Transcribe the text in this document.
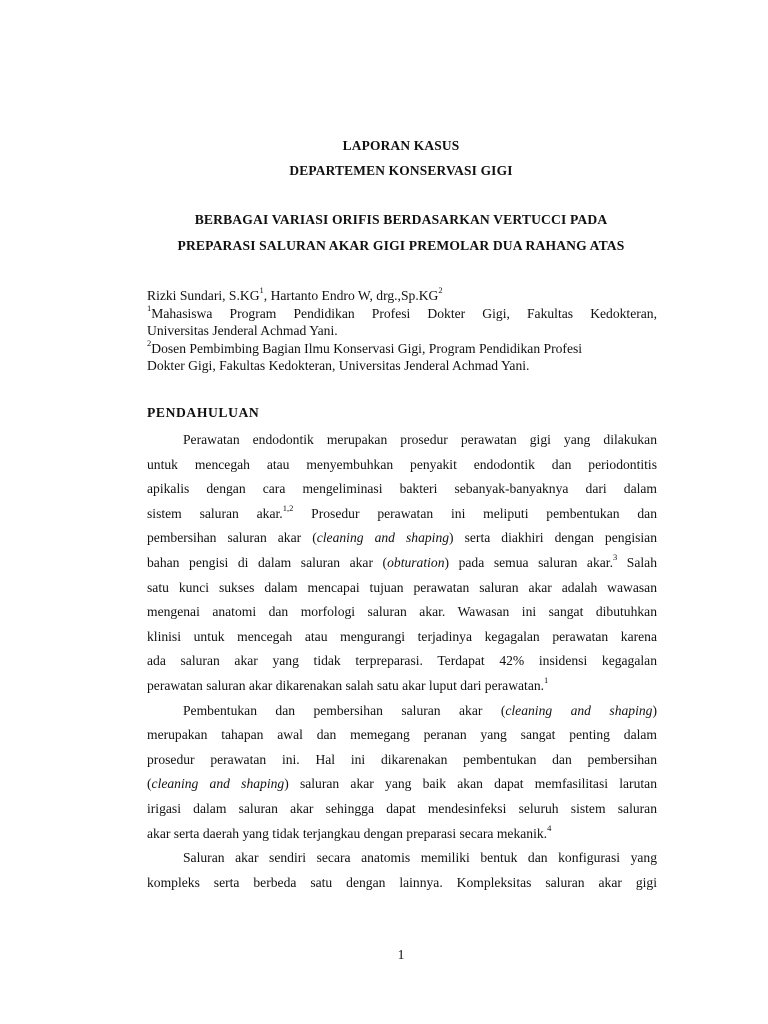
LAPORAN KASUS
DEPARTEMEN KONSERVASI GIGI
BERBAGAI VARIASI ORIFIS BERDASARKAN VERTUCCI PADA
PREPARASI SALURAN AKAR GIGI PREMOLAR DUA RAHANG ATAS
Rizki Sundari, $S.KG^1$, Hartanto Endro W, $drg.,Sp.KG^2$
$^1$Mahasiswa Program Pendidikan Profesi Dokter Gigi, Fakultas Kedokteran,
Universitas Jenderal Achmad Yani.
$^2$Dosen Pembimbing Bagian Ilmu Konservasi Gigi, Program Pendidikan Profesi
Dokter Gigi, Fakultas Kedokteran, Universitas Jenderal Achmad Yani.
PENDAHULUAN
Perawatan endodontik merupakan prosedur perawatan gigi yang dilakukan
untuk mencegah atau menyembuhkan penyakit endodontik dan periodontitis
apikalis dengan cara mengeliminasi bakteri sebanyak-banyaknya dari dalam
sistem saluran akar.$^{1,2}$ Prosedur perawatan ini meliputi pembentukan dan
pembersihan saluran akar (cleaning and shaping) serta diakhiri dengan pengisian
bahan pengisi di dalam saluran akar (obturation) pada semua saluran akar.$^3$ Salah
satu kunci sukses dalam mencapai tujuan perawatan saluran akar adalah wawasan
mengenai anatomi dan morfologi saluran akar. Wawasan ini sangat dibutuhkan
klinisi untuk mencegah atau mengurangi terjadinya kegagalan perawatan karena
ada saluran akar yang tidak terpreparasi. Terdapat 42% insidensi kegagalan
perawatan saluran akar dikarenakan salah satu akar luput dari perawatan.$^1$
Pembentukan dan pembersihan saluran akar (cleaning and shaping)
merupakan tahapan awal dan memegang peranan yang sangat penting dalam
prosedur perawatan ini. Hal ini dikarenakan pembentukan dan pembersihan
(cleaning and shaping) saluran akar yang baik akan dapat memfasilitasi larutan
irigasi dalam saluran akar sehingga dapat mendesinfeksi seluruh sistem saluran
akar serta daerah yang tidak terjangkau dengan preparasi secara mekanik.$^4$
Saluran akar sendiri secara anatomis memiliki bentuk dan konfigurasi yang
kompleks serta berbeda satu dengan lainnya. Kompleksitas saluran akar gigi
1
